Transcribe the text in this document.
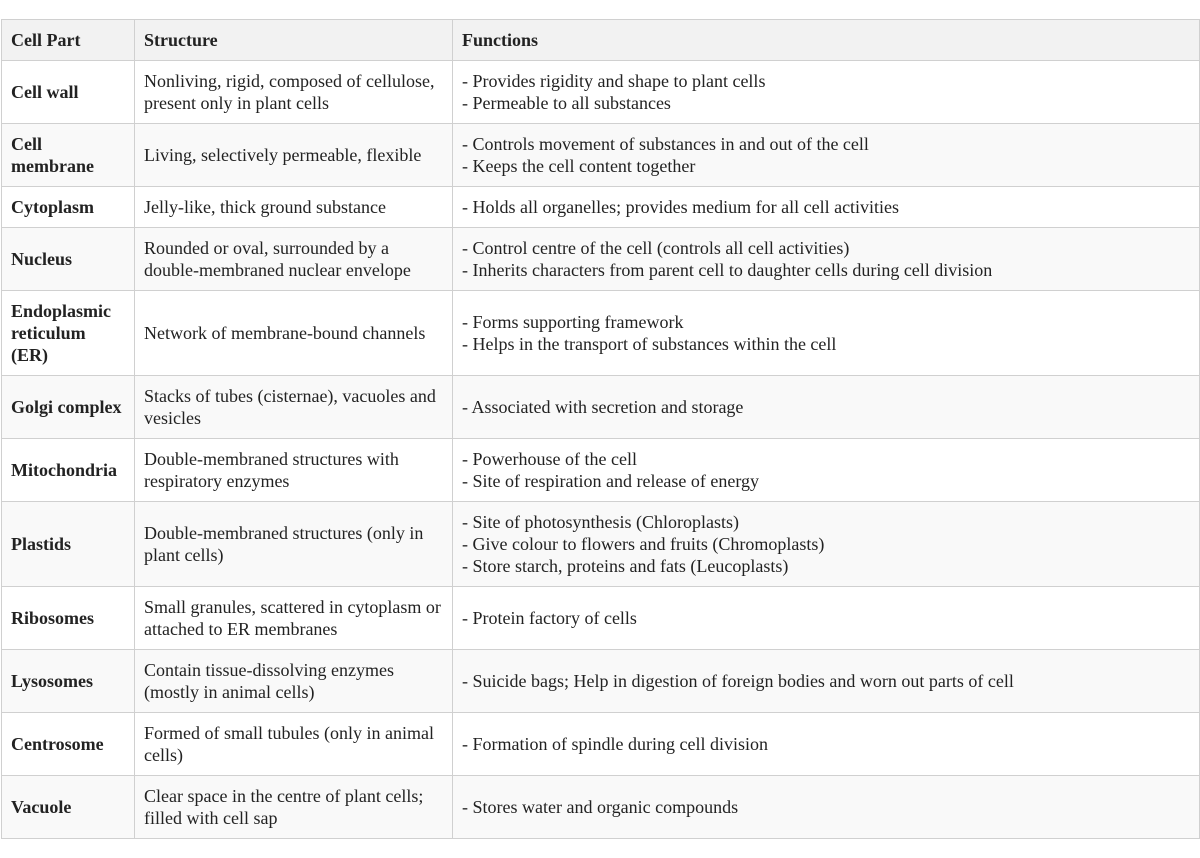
Cell Part	Structure	Functions
Cell wall	Nonliving, rigid, composed of cellulose, present only in plant cells	- Provides rigidity and shape to plant cells
- Permeable to all substances

Cell membrane	Living, selectively permeable, flexible	- Controls movement of substances in and out of the cell
- Keeps the cell content together

Cytoplasm	Jelly-like, thick ground substance	- Holds all organelles; provides medium for all cell activities

Nucleus	Rounded or oval, surrounded by a double-membraned nuclear envelope	- Control centre of the cell (controls all cell activities)
- Inherits characters from parent cell to daughter cells during cell division

Endoplasmic reticulum (ER)	Network of membrane-bound channels	- Forms supporting framework
- Helps in the transport of substances within the cell

Golgi complex	Stacks of tubes (cisternae), vacuoles and vesicles	- Associated with secretion and storage

Mitochondria	Double-membraned structures with respiratory enzymes	- Powerhouse of the cell
- Site of respiration and release of energy

Plastids	Double-membraned structures (only in plant cells)	- Site of photosynthesis (Chloroplasts)
- Give colour to flowers and fruits (Chromoplasts)
- Store starch, proteins and fats (Leucoplasts)

Ribosomes	Small granules, scattered in cytoplasm or attached to ER membranes	- Protein factory of cells

Lysosomes	Contain tissue-dissolving enzymes (mostly in animal cells)	- Suicide bags; Help in digestion of foreign bodies and worn out parts of cell

Centrosome	Formed of small tubules (only in animal cells)	- Formation of spindle during cell division

Vacuole	Clear space in the centre of plant cells; filled with cell sap	- Stores water and organic compounds
